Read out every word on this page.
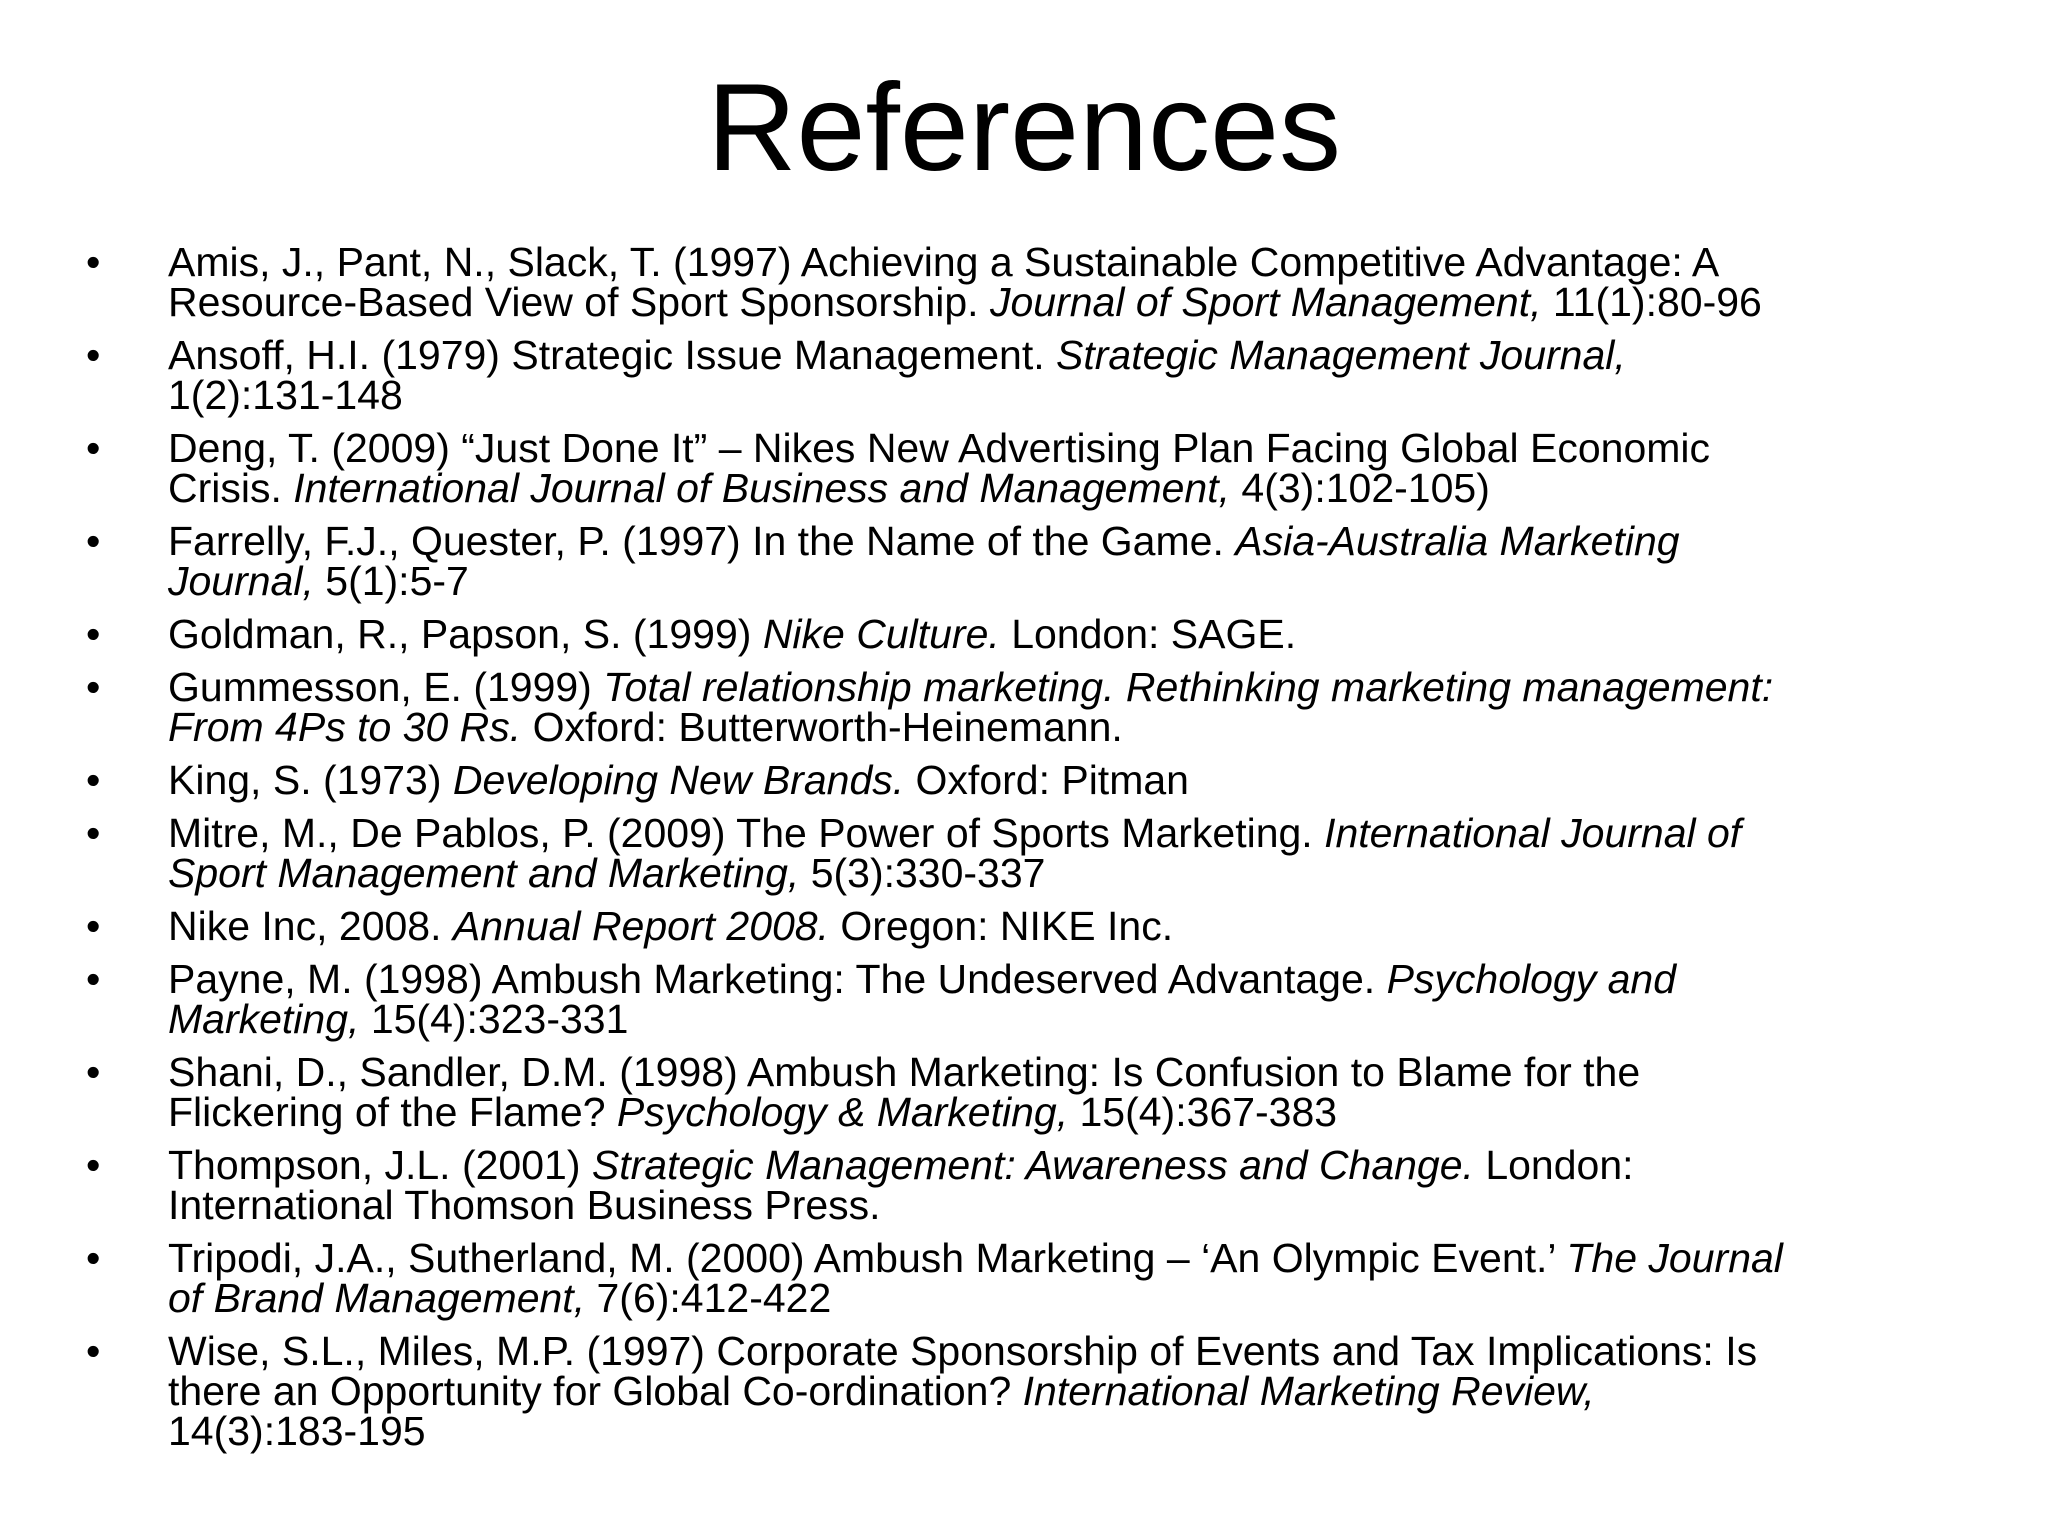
References
• Amis, J., Pant, N., Slack, T. (1997) Achieving a Sustainable Competitive Advantage: A
Resource-Based View of Sport Sponsorship. Journal of Sport Management, 11(1):80-96
• Ansoff, H.I. (1979) Strategic Issue Management. Strategic Management Journal,
1(2):131-148
• Deng, T. (2009) “Just Done It” – Nikes New Advertising Plan Facing Global Economic
Crisis. International Journal of Business and Management, 4(3):102-105)
• Farrelly, F.J., Quester, P. (1997) In the Name of the Game. Asia-Australia Marketing
Journal, 5(1):5-7
• Goldman, R., Papson, S. (1999) Nike Culture. London: SAGE.
• Gummesson, E. (1999) Total relationship marketing. Rethinking marketing management:
From 4Ps to 30 Rs. Oxford: Butterworth-Heinemann.
• King, S. (1973) Developing New Brands. Oxford: Pitman
• Mitre, M., De Pablos, P. (2009) The Power of Sports Marketing. International Journal of
Sport Management and Marketing, 5(3):330-337
• Nike Inc, 2008. Annual Report 2008. Oregon: NIKE Inc.
• Payne, M. (1998) Ambush Marketing: The Undeserved Advantage. Psychology and
Marketing, 15(4):323-331
• Shani, D., Sandler, D.M. (1998) Ambush Marketing: Is Confusion to Blame for the
Flickering of the Flame? Psychology & Marketing, 15(4):367-383
• Thompson, J.L. (2001) Strategic Management: Awareness and Change. London:
International Thomson Business Press.
• Tripodi, J.A., Sutherland, M. (2000) Ambush Marketing – ‘An Olympic Event.’ The Journal
of Brand Management, 7(6):412-422
• Wise, S.L., Miles, M.P. (1997) Corporate Sponsorship of Events and Tax Implications: Is
there an Opportunity for Global Co-ordination? International Marketing Review,
14(3):183-195
